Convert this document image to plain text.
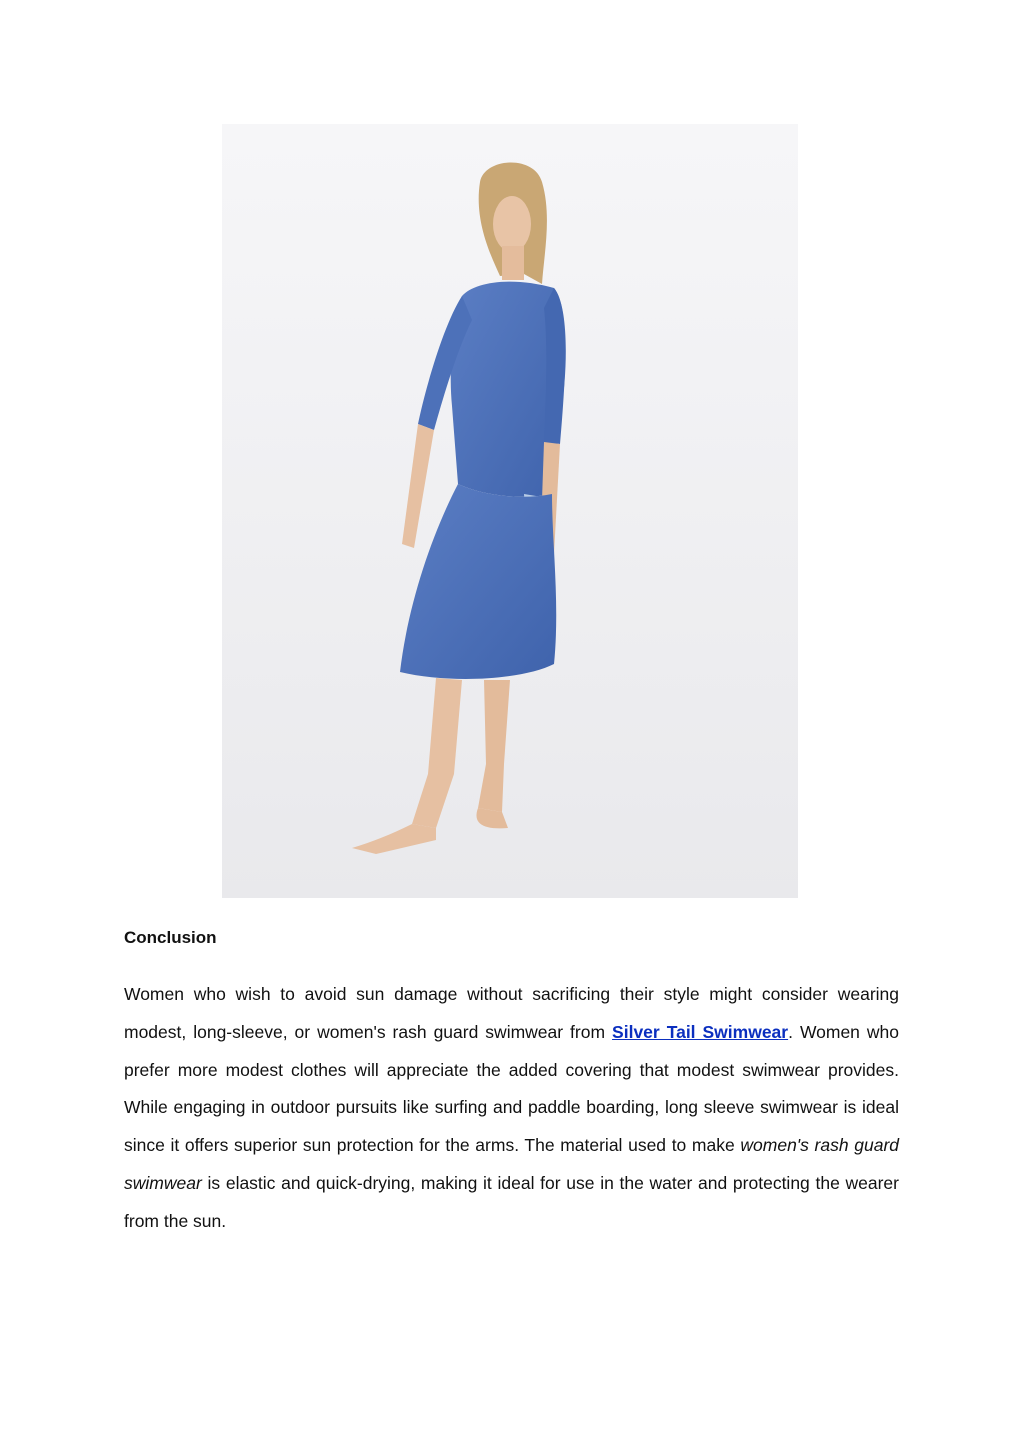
Conclusion

Women who wish to avoid sun damage without sacrificing their style might consider wearing modest, long-sleeve, or women's rash guard swimwear from Silver Tail Swimwear. Women who prefer more modest clothes will appreciate the added covering that modest swimwear provides. While engaging in outdoor pursuits like surfing and paddle boarding, long sleeve swimwear is ideal since it offers superior sun protection for the arms. The material used to make women's rash guard swimwear is elastic and quick-drying, making it ideal for use in the water and protecting the wearer from the sun.
